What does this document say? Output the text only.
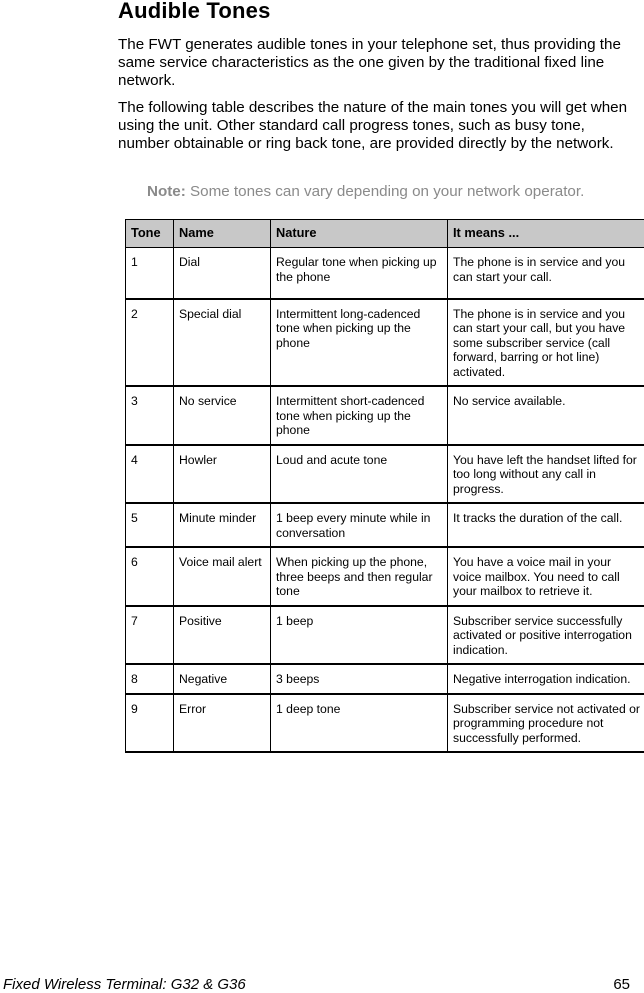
Audible Tones

The FWT generates audible tones in your telephone set, thus providing the same service characteristics as the one given by the traditional fixed line network.

The following table describes the nature of the main tones you will get when using the unit. Other standard call progress tones, such as busy tone, number obtainable or ring back tone, are provided directly by the network.

Note: Some tones can vary depending on your network operator.

Tone	Name	Nature	It means ...
1	Dial	Regular tone when picking up the phone	The phone is in service and you can start your call.
2	Special dial	Intermittent long-cadenced tone when picking up the phone	The phone is in service and you can start your call, but you have some subscriber service (call forward, barring or hot line) activated.
3	No service	Intermittent short-cadenced tone when picking up the phone	No service available.
4	Howler	Loud and acute tone	You have left the handset lifted for too long without any call in progress.
5	Minute minder	1 beep every minute while in conversation	It tracks the duration of the call.
6	Voice mail alert	When picking up the phone, three beeps and then regular tone	You have a voice mail in your voice mailbox. You need to call your mailbox to retrieve it.
7	Positive	1 beep	Subscriber service successfully activated or positive interrogation indication.
8	Negative	3 beeps	Negative interrogation indication.
9	Error	1 deep tone	Subscriber service not activated or programming procedure not successfully performed.

Fixed Wireless Terminal: G32 & G36	65
